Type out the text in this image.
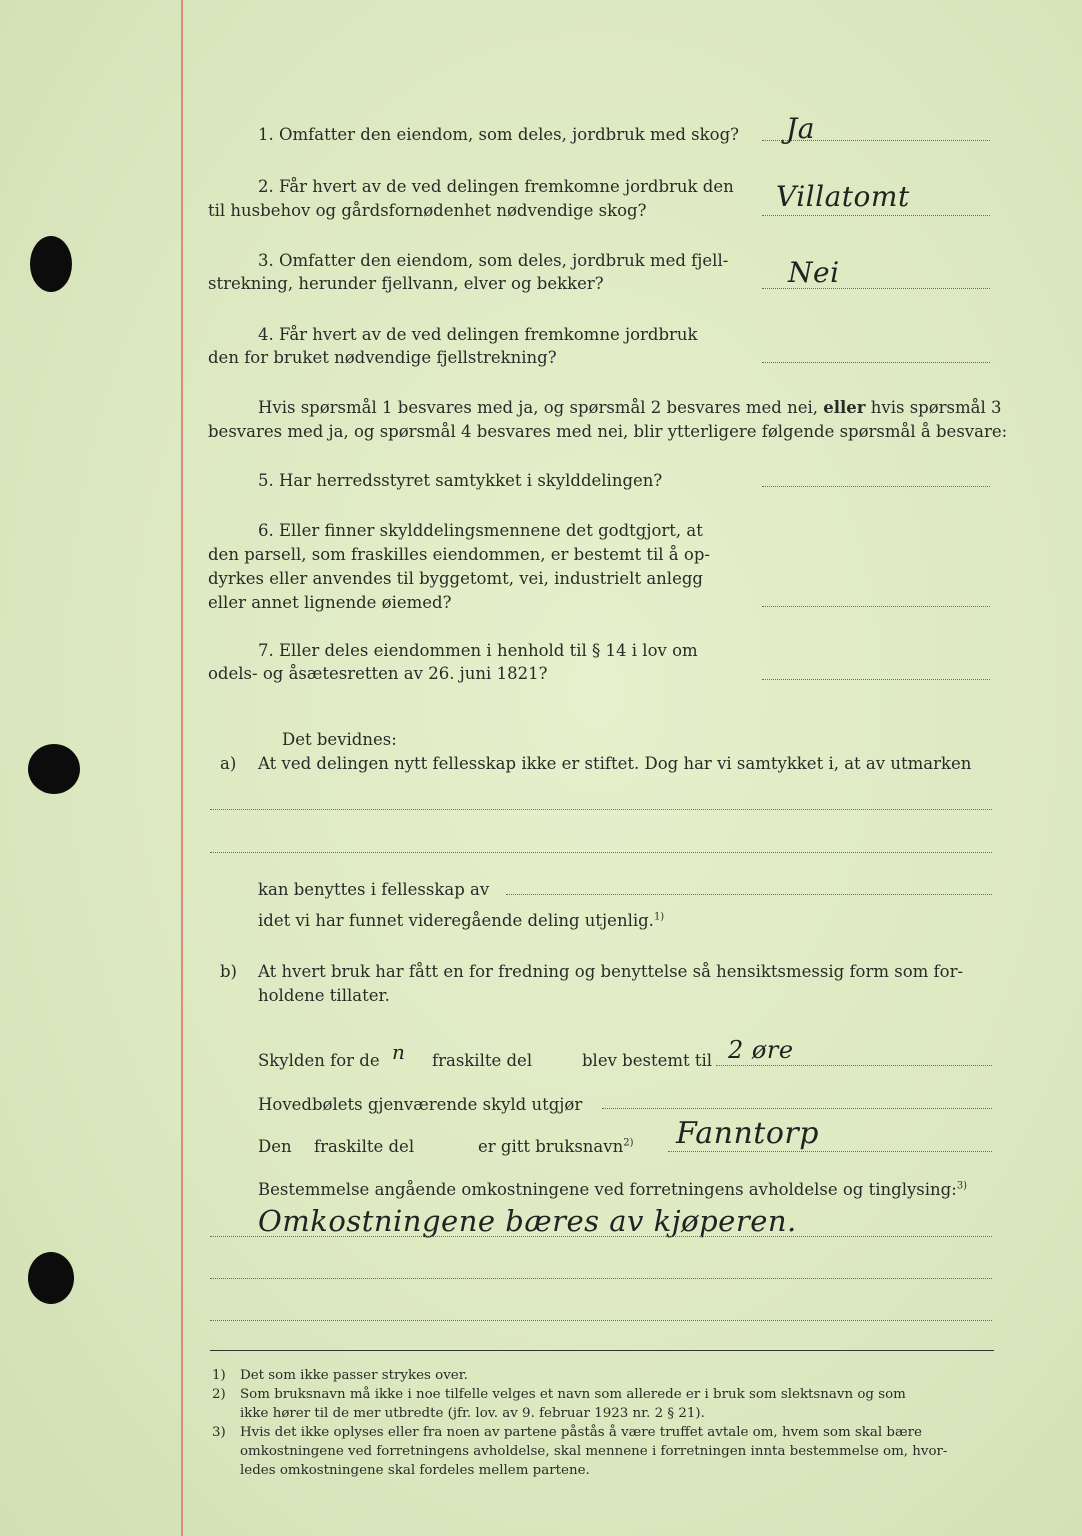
1. Omfatter den eiendom, som deles, jordbruk med skog? Ja
2. Får hvert av de ved delingen fremkomne jordbruk den
til husbehov og gårdsfornødenhet nødvendige skog?	Villatomt
3. Omfatter den eiendom, som deles, jordbruk med fjell-
strekning, herunder fjellvann, elver og bekker?	Nei
4. Får hvert av de ved delingen fremkomne jordbruk
den for bruket nødvendige fjellstrekning?
Hvis spørsmål 1 besvares med ja, og spørsmål 2 besvares med nei, eller hvis spørsmål 3
besvares med ja, og spørsmål 4 besvares med nei, blir ytterligere følgende spørsmål å besvare:
5. Har herredsstyret samtykket i skylddelingen?
6. Eller finner skylddelingsmennene det godtgjort, at
den parsell, som fraskilles eiendommen, er bestemt til å op-
dyrkes eller anvendes til byggetomt, vei, industrielt anlegg
eller annet lignende øiemed?
7. Eller deles eiendommen i henhold til § 14 i lov om
odels- og åsætesretten av 26. juni 1821?
Det bevidnes:
a) At ved delingen nytt fellesskap ikke er stiftet. Dog har vi samtykket i, at av utmarken
kan benyttes i fellesskap av
idet vi har funnet videregående deling utjenlig.$^{1)}$
b) At hvert bruk har fått en for fredning og benyttelse så hensiktsmessig form som for-
holdene tillater.
Skylden for de n fraskilte del	blev bestemt til 2 øre
Hovedbølets gjenværende skyld utgjør
Den fraskilte del	er gitt bruksnavn$^{2)}$ Fanntorp
Bestemmelse angående omkostningene ved forretningens avholdelse og tinglysing:$^{3)}$
Omkostningene bæres av kjøperen.
1) Det som ikke passer strykes over.
2) Som bruksnavn må ikke i noe tilfelle velges et navn som allerede er i bruk som slektsnavn og som
ikke hører til de mer utbredte (jfr. lov. av 9. februar 1923 nr. 2 § 21).
3) Hvis det ikke oplyses eller fra noen av partene påstås å være truffet avtale om, hvem som skal bære
omkostningene ved forretningens avholdelse, skal mennene i forretningen innta bestemmelse om, hvor-
ledes omkostningene skal fordeles mellem partene.
